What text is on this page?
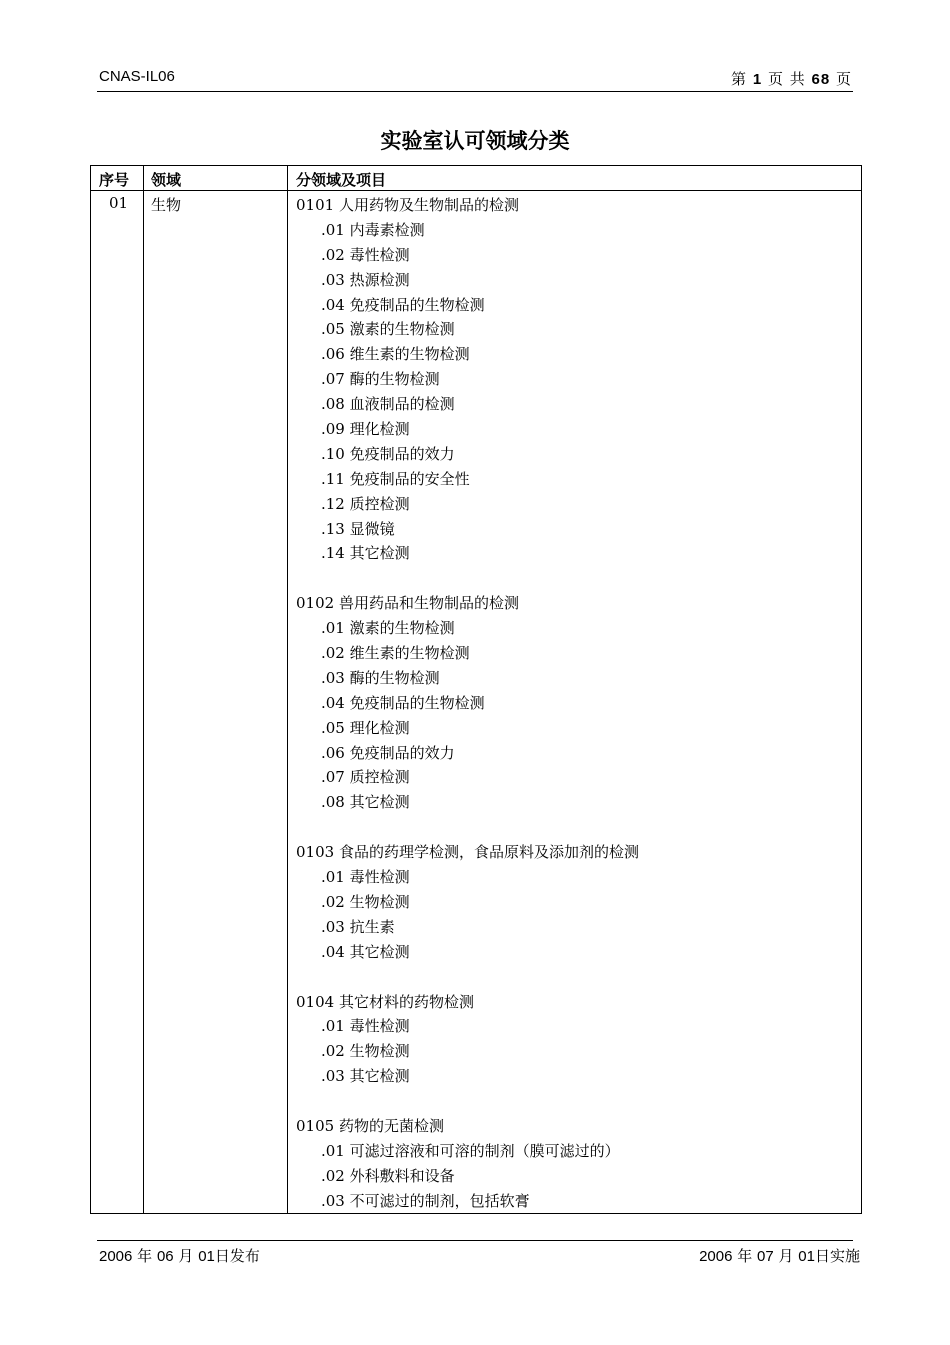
CNAS-IL06	第 1 页 共 68 页
实验室认可领域分类
序号 领域	分领域及项目
01 生物	0101 人用药物及生物制品的检测
.01 内毒素检测
.02 毒性检测
.03 热源检测
.04 免疫制品的生物检测
.05 激素的生物检测
.06 维生素的生物检测
.07 酶的生物检测
.08 血液制品的检测
.09 理化检测
.10 免疫制品的效力
.11 免疫制品的安全性
.12 质控检测
.13 显微镜
.14 其它检测
0102 兽用药品和生物制品的检测
.01 激素的生物检测
.02 维生素的生物检测
.03 酶的生物检测
.04 免疫制品的生物检测
.05 理化检测
.06 免疫制品的效力
.07 质控检测
.08 其它检测
0103 食品的药理学检测，食品原料及添加剂的检测
.01 毒性检测
.02 生物检测
.03 抗生素
.04 其它检测
0104 其它材料的药物检测
.01 毒性检测
.02 生物检测
.03 其它检测
0105 药物的无菌检测
.01 可滤过溶液和可溶的制剂（膜可滤过的）
.02 外科敷料和设备
.03 不可滤过的制剂，包括软膏
2006 年 06 月 01日发布	2006 年 07 月 01日实施
